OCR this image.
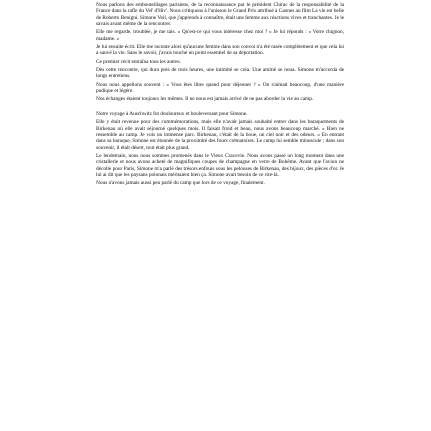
Nous parlons des embouteillages parisiens, de la reconnaissance par le président Chirac de la responsabilité de la France dans la rafle du Vel' d'Hiv'. Nous critiquons à l'unisson le Grand Prix attribué à Cannes au film La vie est belle de Roberto Benigni. Simone Veil, que j'apprends à connaître, était une femme aux réactions vives et tranchantes. Je le savais avant même de la rencontrer.

Elle me regarde, troublée, je me tais. « Qu'est-ce qui vous intéresse chez moi ? » Je lui réponds : « Votre chignon, madame. »

Je lui ensuite écrit. Elle me raconte alors qu'aucune femme dans son convoi n'a été rasée complètement et que cela lui a sauvé la vie. Sans le savoir, j'avais touché un point essentiel de sa déportation.

Ce premier récit entraîna tous les autres.

Dès cette rencontre, qui dura près de trois heures, une intimité se créa. Une amitié se noua. Simone m'accorda de longs entretiens.

Nous nous appelions souvent : « Vous êtes libre quand pour déjeuner ? » On s'aimait beaucoup, d'une manière pudique et légère.

Nos échanges étaient toujours les mêmes. Il ne nous est jamais arrivé de ne pas aborder la vie au camp.

Notre voyage à Auschwitz fut douloureux et bouleversant pour Simone.

Elle y était revenue pour des commémorations, mais elle n'avait jamais souhaité entrer dans les baraquements de Birkenau où elle avait séjourné quelques mois. Il faisait froid et beau, nous avons beaucoup marché. « Rien ne ressemble au camp. Je vois un immense parc. Birkenau, c'était de la boue, un ciel noir et des odeurs. » En entrant dans sa baraque, Simone est étonnée de la proximité des fours crématoires. Le camp lui semble minuscule ; dans son souvenir, il était désert, tout était plus grand.

Le lendemain, nous nous sommes promenés dans le Vieux Cracovie. Nous avons passé un long moment dans une cristallerie et nous avons acheté de magnifiques coupes de champagne en verre de Bohême. Avant que l'avion ne décolle pour Paris, Simone m'a parlé des trésors enfouis sous les pelouses de Birkenau, des bijoux, des pièces d'or. Je lui ai dit que les paysans polonais méritaient bien ça. Simone avait besoin de ce rire-là.

Nous n'avons jamais aussi peu parlé du camp que lors de ce voyage, finalement.
